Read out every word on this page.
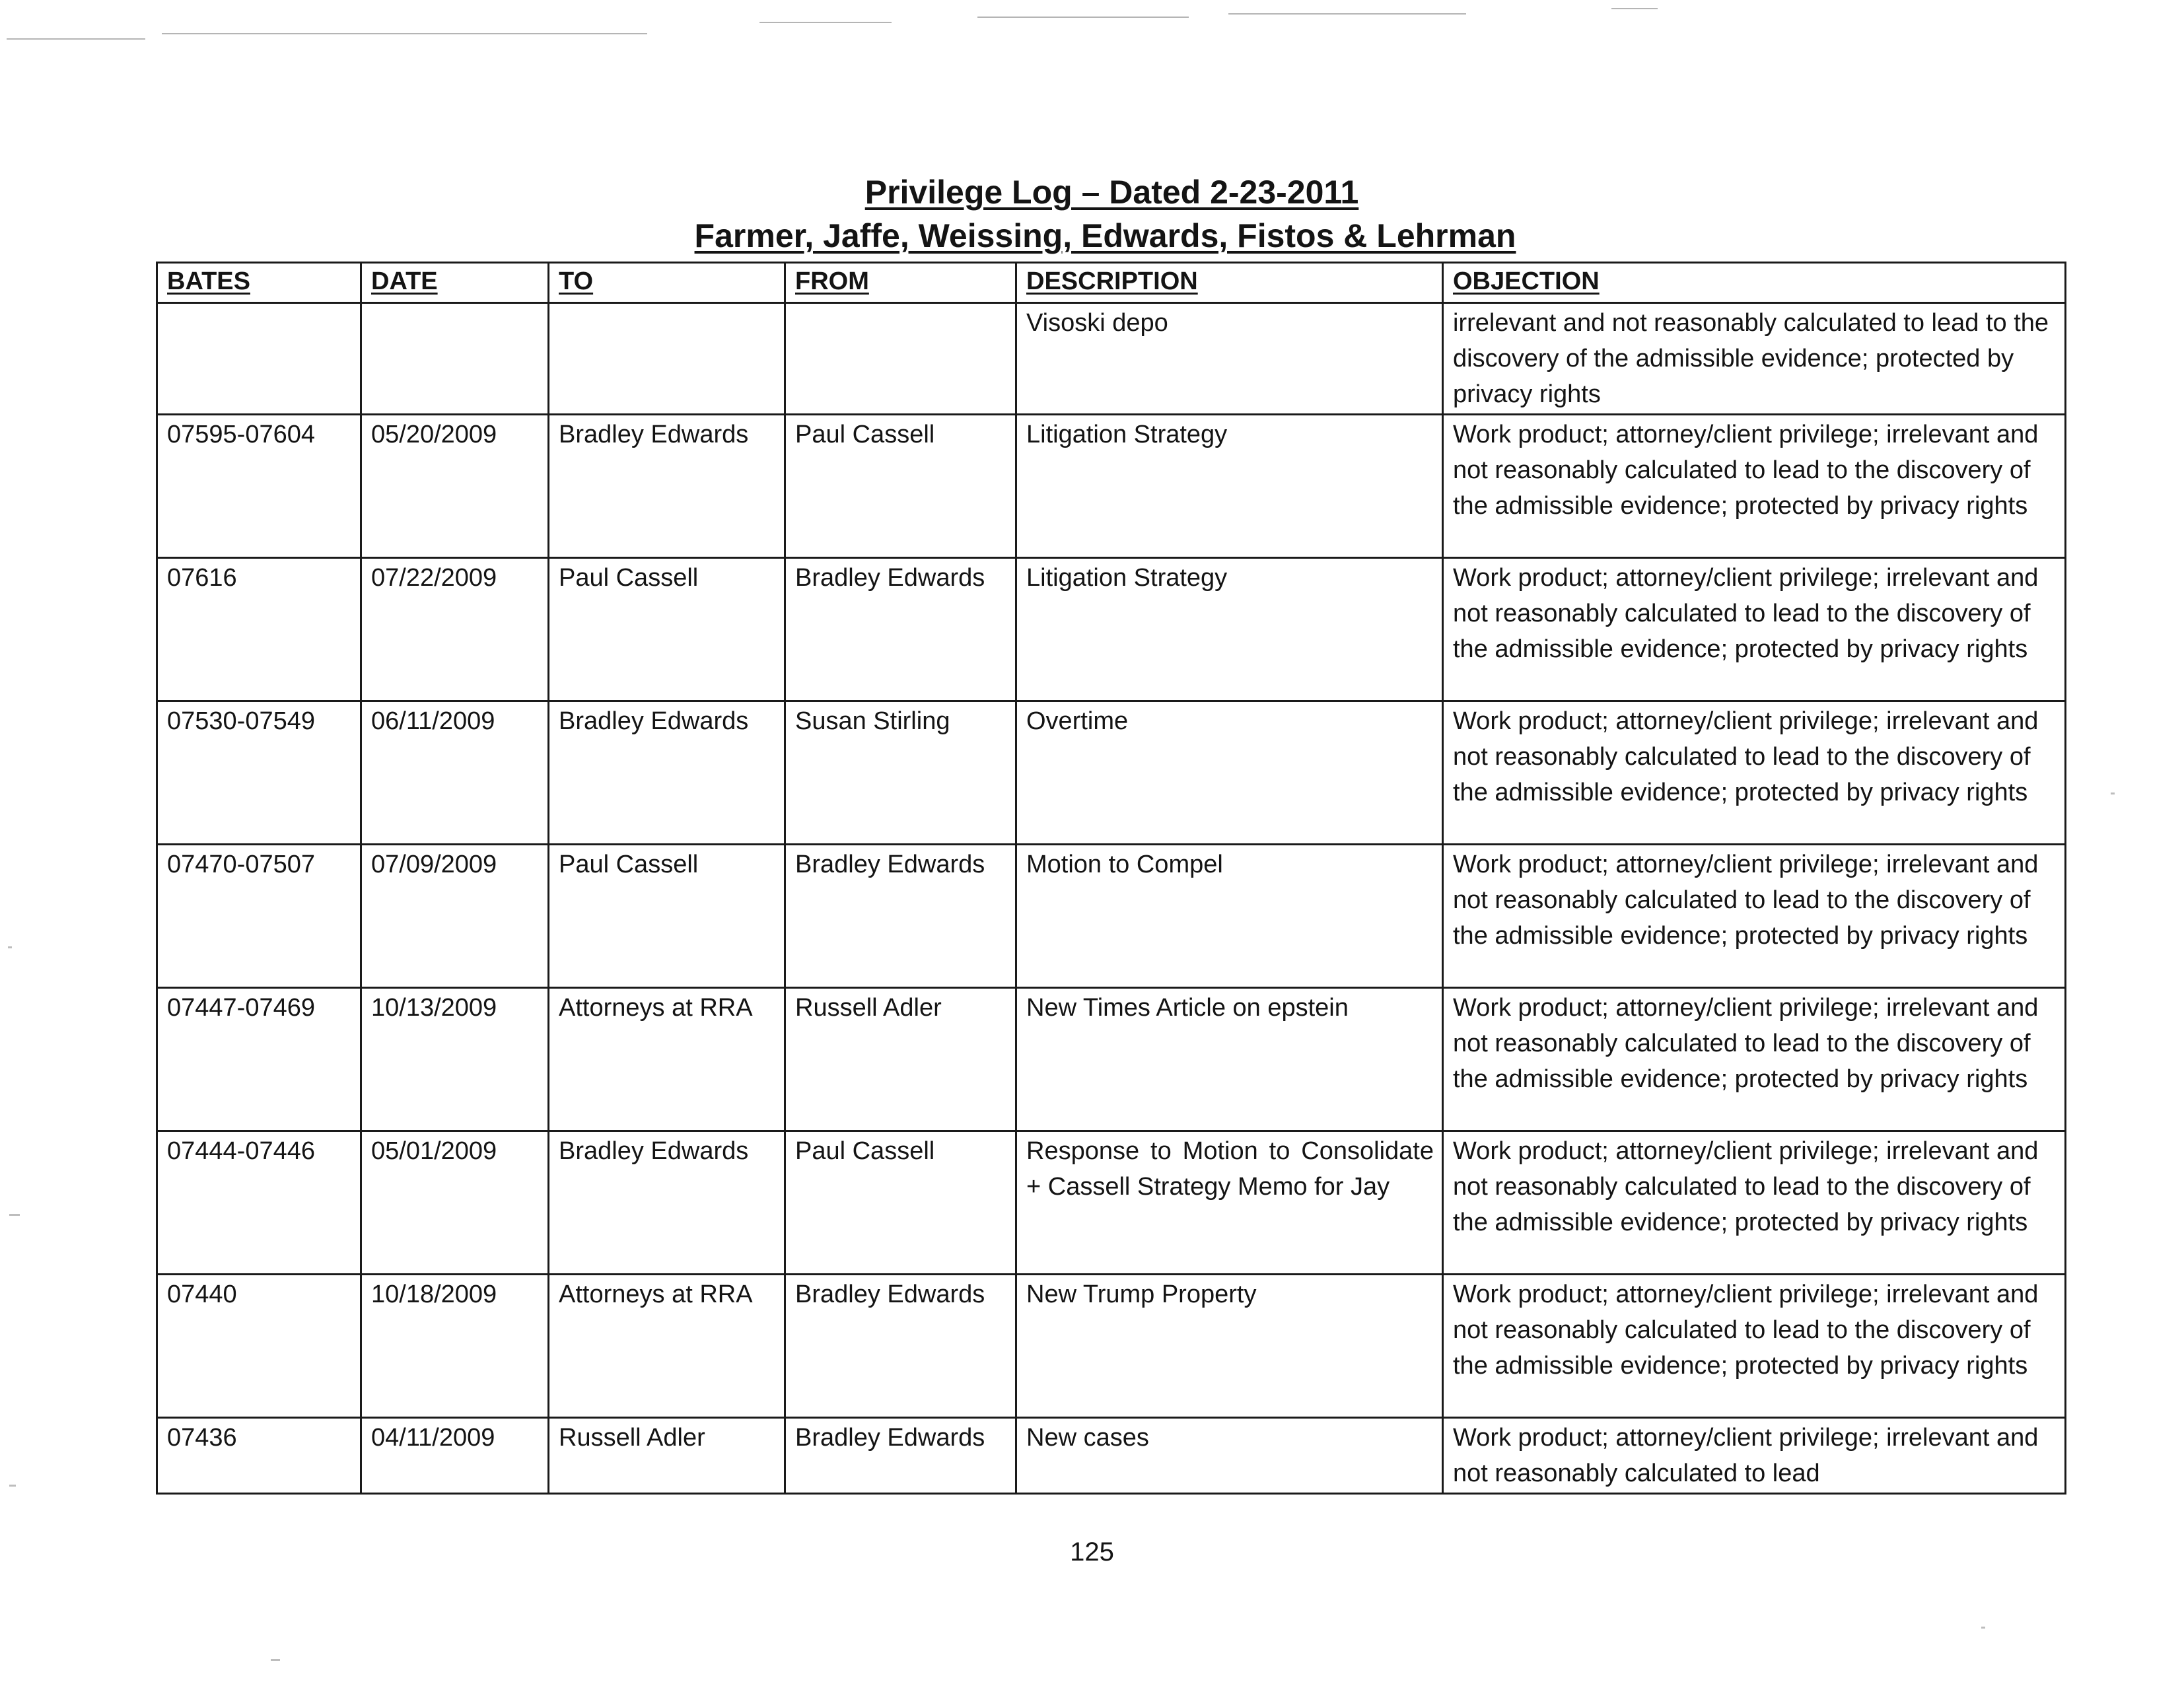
Privilege Log – Dated 2-23-2011
Farmer, Jaffe, Weissing, Edwards, Fistos & Lehrman
BATES	DATE	TO	FROM	DESCRIPTION	OBJECTION
				Visoski depo	irrelevant and not reasonably calculated to lead to the discovery of the admissible evidence; protected by privacy rights
07595-07604	05/20/2009	Bradley Edwards	Paul Cassell	Litigation Strategy	Work product; attorney/client privilege; irrelevant and not reasonably calculated to lead to the discovery of the admissible evidence; protected by privacy rights
07616	07/22/2009	Paul Cassell	Bradley Edwards	Litigation Strategy	Work product; attorney/client privilege; irrelevant and not reasonably calculated to lead to the discovery of the admissible evidence; protected by privacy rights
07530-07549	06/11/2009	Bradley Edwards	Susan Stirling	Overtime	Work product; attorney/client privilege; irrelevant and not reasonably calculated to lead to the discovery of the admissible evidence; protected by privacy rights
07470-07507	07/09/2009	Paul Cassell	Bradley Edwards	Motion to Compel	Work product; attorney/client privilege; irrelevant and not reasonably calculated to lead to the discovery of the admissible evidence; protected by privacy rights
07447-07469	10/13/2009	Attorneys at RRA	Russell Adler	New Times Article on epstein	Work product; attorney/client privilege; irrelevant and not reasonably calculated to lead to the discovery of the admissible evidence; protected by privacy rights
07444-07446	05/01/2009	Bradley Edwards	Paul Cassell	Response to Motion to Consolidate + Cassell Strategy Memo for Jay	Work product; attorney/client privilege; irrelevant and not reasonably calculated to lead to the discovery of the admissible evidence; protected by privacy rights
07440	10/18/2009	Attorneys at RRA	Bradley Edwards	New Trump Property	Work product; attorney/client privilege; irrelevant and not reasonably calculated to lead to the discovery of the admissible evidence; protected by privacy rights
07436	04/11/2009	Russell Adler	Bradley Edwards	New cases	Work product; attorney/client privilege; irrelevant and not reasonably calculated to lead
125
